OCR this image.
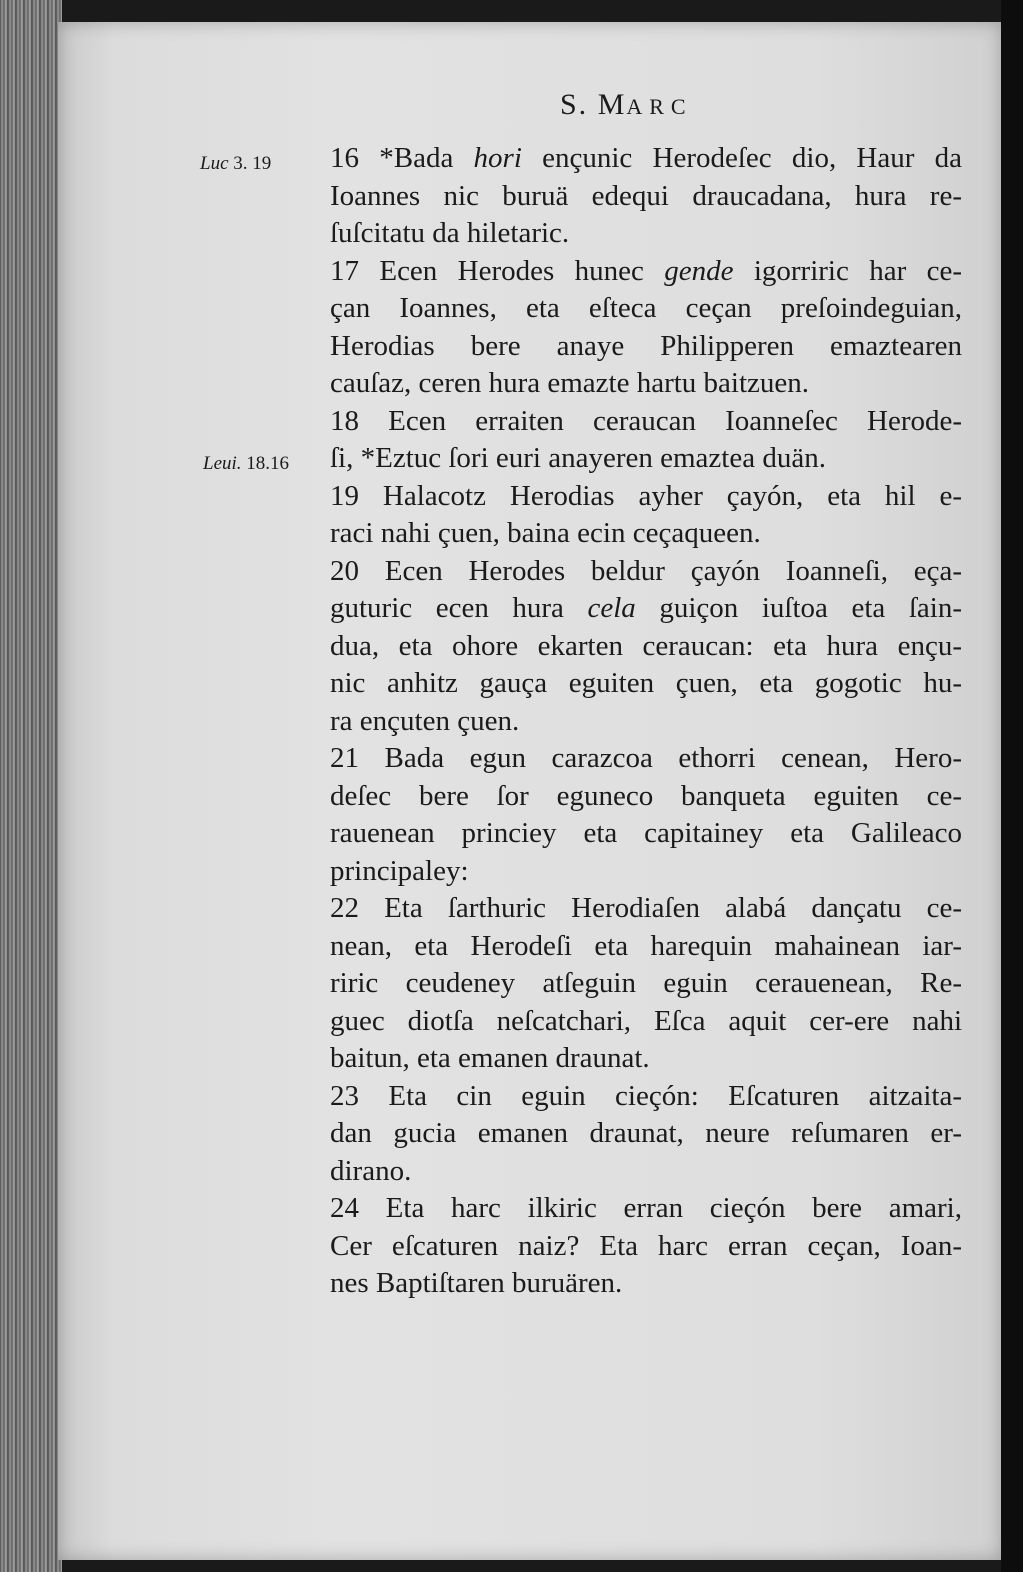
S. MARC
Luc 3. 19
Leui. 18.16
16 *Bada hori ençunic Herodeſec dio, Haur da
Ioannes nic buruä edequi draucadana, hura re-
ſuſcitatu da hiletaric.
17 Ecen Herodes hunec gende igorriric har ce-
çan Ioannes, eta eſteca ceçan preſoindeguian,
Herodias bere anaye Philipperen emaztearen
cauſaz, ceren hura emazte hartu baitzuen.
18 Ecen erraiten ceraucan Ioanneſec Herode-
ſi, *Eztuc ſori euri anayeren emaztea duän.
19 Halacotz Herodias ayher çayón, eta hil e-
raci nahi çuen, baina ecin ceçaqueen.
20 Ecen Herodes beldur çayón Ioanneſi, eça-
guturic ecen hura cela guiçon iuſtoa eta ſain-
dua, eta ohore ekarten ceraucan: eta hura ençu-
nic anhitz gauça eguiten çuen, eta gogotic hu-
ra ençuten çuen.
21 Bada egun carazcoa ethorri cenean, Hero-
deſec bere ſor eguneco banqueta eguiten ce-
rauenean princiey eta capitainey eta Galileaco
principaley:
22 Eta ſarthuric Herodiaſen alabá dançatu ce-
nean, eta Herodeſi eta harequin mahainean iar-
riric ceudeney atſeguin eguin cerauenean, Re-
guec diotſa neſcatchari, Eſca aquit cer-ere nahi
baitun, eta emanen draunat.
23 Eta cin eguin cieçón: Eſcaturen aitzaita-
dan gucia emanen draunat, neure reſumaren er-
dirano.
24 Eta harc ilkiric erran cieçón bere amari,
Cer eſcaturen naiz? Eta harc erran ceçan, Ioan-
nes Baptiſtaren buruären.
